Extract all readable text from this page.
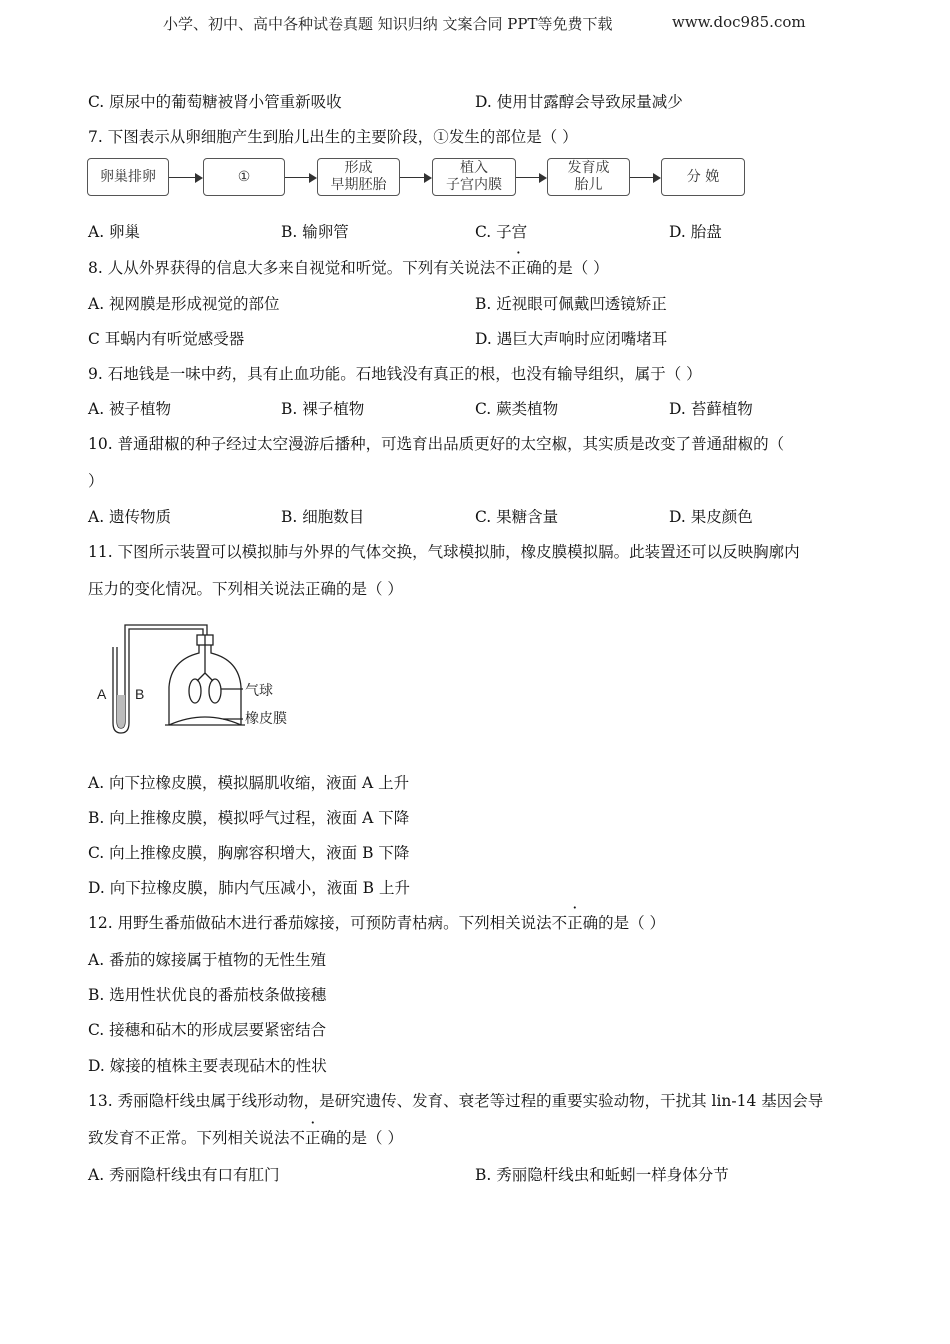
小学、初中、高中各种试卷真题 知识归纳 文案合同 PPT等免费下载	www.doc985.com
C. 原尿中的葡萄糖被肾小管重新吸收	D. 使用甘露醇会导致尿量减少
7. 下图表示从卵细胞产生到胎儿出生的主要阶段，①发生的部位是（ ）
卵巢排卵	①
形成
早期胚胎
植入
子宫内膜
发育成
胎儿
分 娩
A. 卵巢	B. 输卵管	C. 子宫	D. 胎盘
8. 人从外界获得的信息大多来自视觉和听觉。下列有关说法不正确的是（ ）
A. 视网膜是形成视觉的部位	B. 近视眼可佩戴凹透镜矫正
C 耳蜗内有听觉感受器	D. 遇巨大声响时应闭嘴堵耳
9. 石地钱是一味中药，具有止血功能。石地钱没有真正的根，也没有输导组织，属于（ ）
A. 被子植物	B. 裸子植物	C. 蕨类植物	D. 苔藓植物
10. 普通甜椒的种子经过太空漫游后播种，可选育出品质更好的太空椒，其实质是改变了普通甜椒的（
）
A. 遗传物质	B. 细胞数目	C. 果糖含量	D. 果皮颜色
11. 下图所示装置可以模拟肺与外界的气体交换，气球模拟肺，橡皮膜模拟膈。此装置还可以反映胸廓内
压力的变化情况。下列相关说法正确的是（ ）
A B	气球
橡皮膜
A. 向下拉橡皮膜，模拟膈肌收缩，液面 A 上升
B. 向上推橡皮膜，模拟呼气过程，液面 A 下降
C. 向上推橡皮膜，胸廓容积增大，液面 B 下降
D. 向下拉橡皮膜，肺内气压减小，液面 B 上升
12. 用野生番茄做砧木进行番茄嫁接，可预防青枯病。下列相关说法不正确的是（ ）
A. 番茄的嫁接属于植物的无性生殖
B. 选用性状优良的番茄枝条做接穗
C. 接穗和砧木的形成层要紧密结合
D. 嫁接的植株主要表现砧木的性状
13. 秀丽隐杆线虫属于线形动物，是研究遗传、发育、衰老等过程的重要实验动物，干扰其 lin-14 基因会导
致发育不正常。下列相关说法不正确的是（ ）
A. 秀丽隐杆线虫有口有肛门	B. 秀丽隐杆线虫和蚯蚓一样身体分节
